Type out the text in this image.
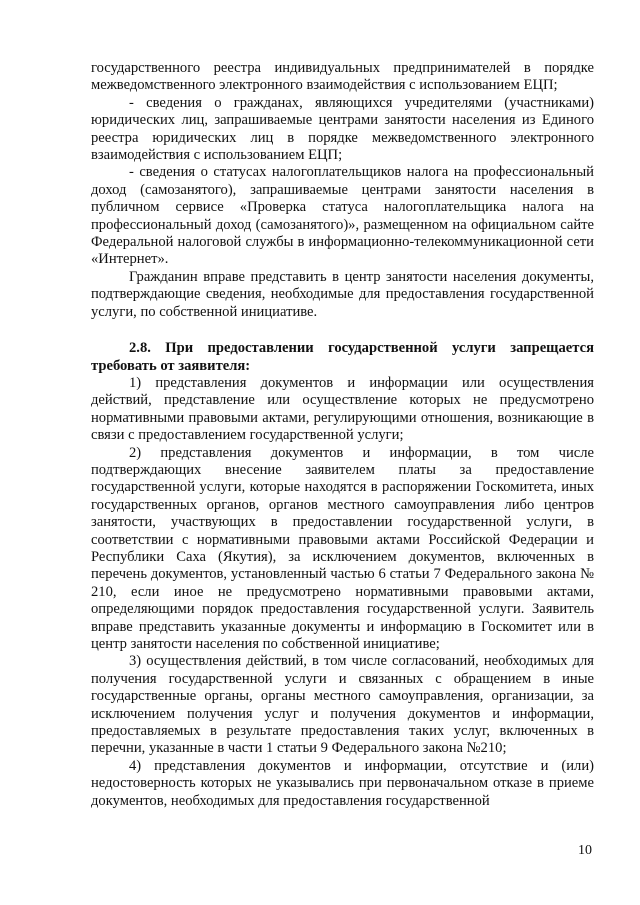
государственного реестра индивидуальных предпринимателей в порядке межведомственного электронного взаимодействия с использованием ЕЦП;

- сведения о гражданах, являющихся учредителями (участниками) юридических лиц, запрашиваемые центрами занятости населения из Единого реестра юридических лиц в порядке межведомственного электронного взаимодействия с использованием ЕЦП;

- сведения о статусах налогоплательщиков налога на профессиональный доход (самозанятого), запрашиваемые центрами занятости населения в публичном сервисе «Проверка статуса налогоплательщика налога на профессиональный доход (самозанятого)», размещенном на официальном сайте Федеральной налоговой службы в информационно-телекоммуникационной сети «Интернет».

Гражданин вправе представить в центр занятости населения документы, подтверждающие сведения, необходимые для предоставления государственной услуги, по собственной инициативе.

2.8. При предоставлении государственной услуги запрещается требовать от заявителя:

1) представления документов и информации или осуществления действий, представление или осуществление которых не предусмотрено нормативными правовыми актами, регулирующими отношения, возникающие в связи с предоставлением государственной услуги;

2) представления документов и информации, в том числе подтверждающих внесение заявителем платы за предоставление государственной услуги, которые находятся в распоряжении Госкомитета, иных государственных органов, органов местного самоуправления либо центров занятости, участвующих в предоставлении государственной услуги, в соответствии с нормативными правовыми актами Российской Федерации и Республики Саха (Якутия), за исключением документов, включенных в перечень документов, установленный частью 6 статьи 7 Федерального закона № 210, если иное не предусмотрено нормативными правовыми актами, определяющими порядок предоставления государственной услуги. Заявитель вправе представить указанные документы и информацию в Госкомитет или в центр занятости населения по собственной инициативе;

3) осуществления действий, в том числе согласований, необходимых для получения государственной услуги и связанных с обращением в иные государственные органы, органы местного самоуправления, организации, за исключением получения услуг и получения документов и информации, предоставляемых в результате предоставления таких услуг, включенных в перечни, указанные в части 1 статьи 9 Федерального закона №210;

4) представления документов и информации, отсутствие и (или) недостоверность которых не указывались при первоначальном отказе в приеме документов, необходимых для предоставления государственной

10
